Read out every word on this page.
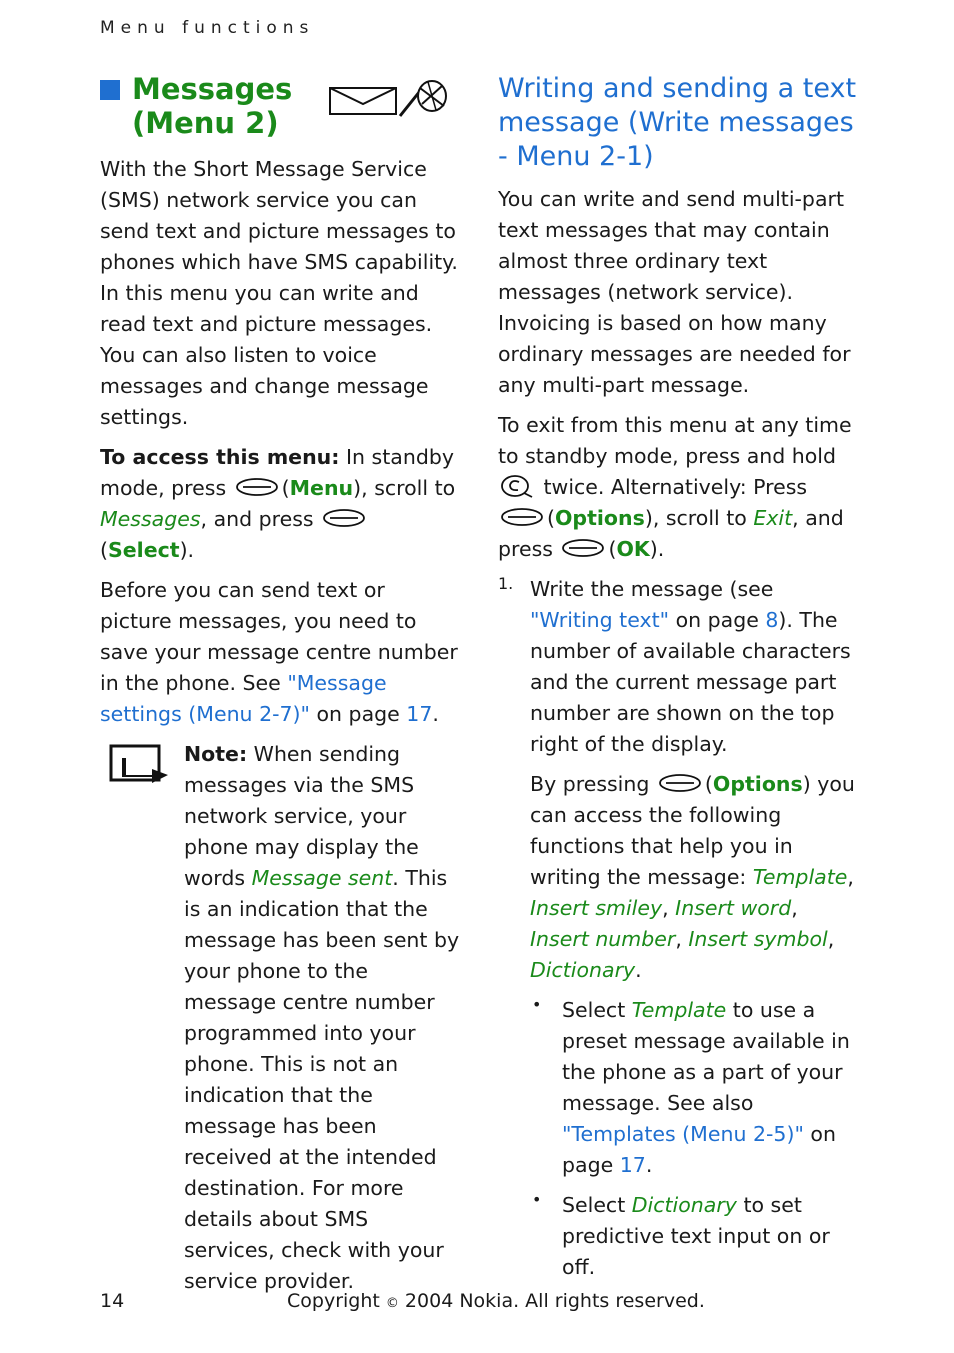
Menu functions
Messages
(Menu 2)

With the Short Message Service (SMS) network service you can send text and picture messages to phones which have SMS capability. In this menu you can write and read text and picture messages. You can also listen to voice messages and change message settings.

To access this menu: In standby mode, press (Menu), scroll to Messages, and press (Select).

Before you can send text or picture messages, you need to save your message centre number in the phone. See "Message settings (Menu 2-7)" on page 17.

Note: When sending messages via the SMS network service, your phone may display the words Message sent. This is an indication that the message has been sent by your phone to the message centre number programmed into your phone. This is not an indication that the message has been received at the intended destination. For more details about SMS services, check with your service provider.

Writing and sending a text message (Write messages - Menu 2-1)

You can write and send multi-part text messages that may contain almost three ordinary text messages (network service). Invoicing is based on how many ordinary messages are needed for any multi-part message.

To exit from this menu at any time to standby mode, press and hold  twice. Alternatively: Press (Options), scroll to Exit, and press (OK).

1. Write the message (see "Writing text" on page 8). The number of available characters and the current message part number are shown on the top right of the display.

By pressing (Options) you can access the following functions that help you in writing the message: Template, Insert smiley, Insert word, Insert number, Insert symbol, Dictionary.

• Select Template to use a preset message available in the phone as a part of your message. See also "Templates (Menu 2-5)" on page 17.

• Select Dictionary to set predictive text input on or off.

14	Copyright © 2004 Nokia. All rights reserved.
